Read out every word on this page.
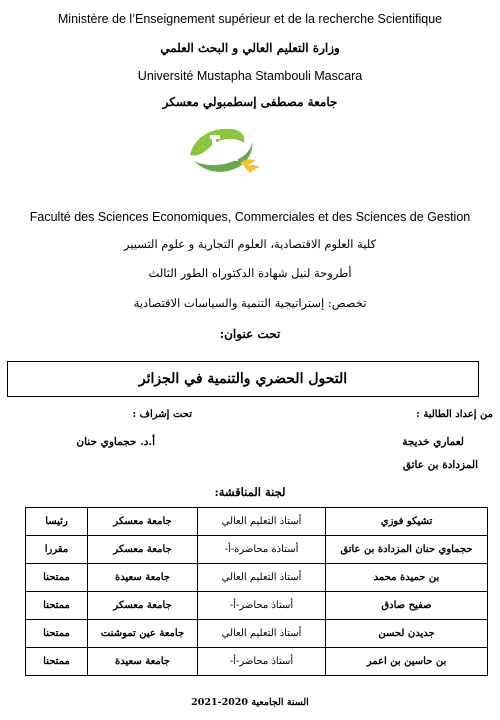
Ministère de l’Enseignement supérieur et de la recherche Scientifique
وزارة التعليم العالي و البحث العلمي
Université Mustapha Stambouli Mascara
جامعة مصطفى إسطمبولي معسكر
Faculté des Sciences Economiques, Commerciales et des Sciences de Gestion
كلية العلوم الاقتصادية، العلوم التجارية و علوم التسيير
أطروحة لنيل شهادة الدكتوراه الطور الثالث
تخصص: إستراتيجية التنمية والسياسات الاقتصادية
تحت عنوان:
التحول الحضري والتنمية في الجزائر
من إعداد الطالبة :
تحت إشراف :
لعماري خديجة
أ.د. حجماوي حنان
المزدادة بن عاتق
لجنة المناقشة:
تشيكو فوزي	أستاذ التعليم العالي	جامعة معسكر	رئيسا
حجماوي حنان المزدادة بن عاتق	أستاذة محاضرة-أ-	جامعة معسكر	مقررا
بن حميدة محمد	أستاذ التعليم العالي	جامعة سعيدة	ممتحنا
صفيح صادق	أستاذ محاضر-أ-	جامعة معسكر	ممتحنا
جديدن لحسن	أستاذ التعليم العالي	جامعة عين تموشنت	ممتحنا
بن حاسين بن اعمر	أستاذ محاضر-أ-	جامعة سعيدة	ممتحنا
السنة الجامعية 2020-2021
